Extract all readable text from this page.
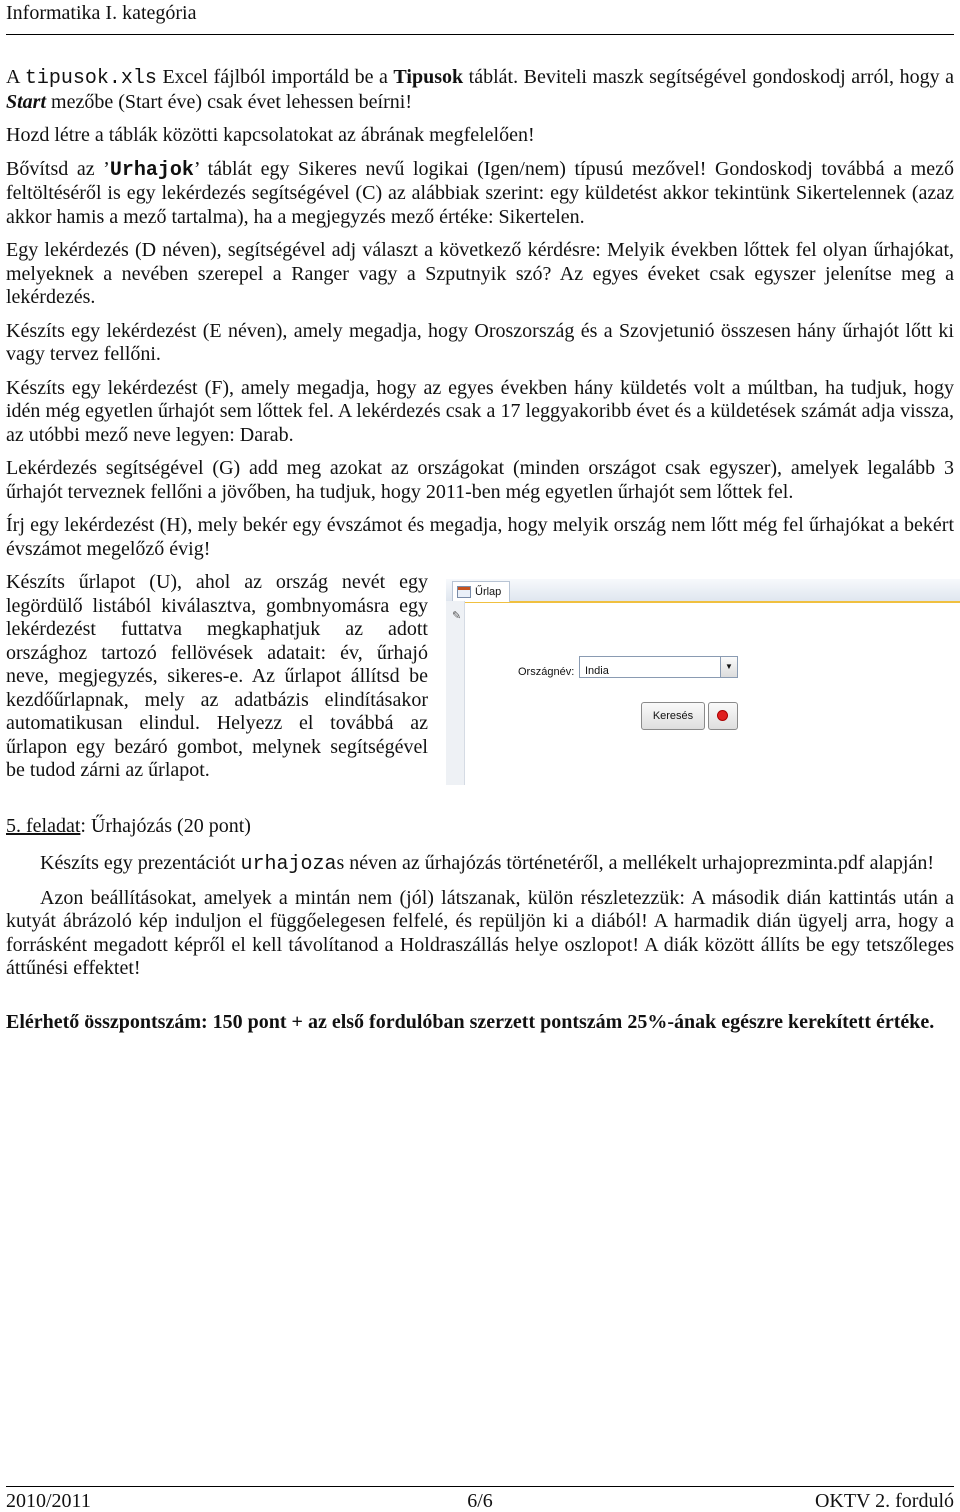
Informatika I. kategória

A tipusok.xls Excel fájlból importáld be a Tipusok táblát. Beviteli maszk segítségével gondoskodj arról, hogy a Start mezőbe (Start éve) csak évet lehessen beírni!

Hozd létre a táblák közötti kapcsolatokat az ábrának megfelelően!

Bővítsd az ’Urhajok’ táblát egy Sikeres nevű logikai (Igen/nem) típusú mezővel! Gondoskodj továbbá a mező feltöltéséről is egy lekérdezés segítségével (C) az alábbiak szerint: egy küldetést akkor tekintünk Sikertelennek (azaz akkor hamis a mező tartalma), ha a megjegyzés mező értéke: Sikertelen.

Egy lekérdezés (D néven), segítségével adj választ a következő kérdésre: Melyik években lőttek fel olyan űrhajókat, melyeknek a nevében szerepel a Ranger vagy a Szputnyik szó? Az egyes éveket csak egyszer jelenítse meg a lekérdezés.

Készíts egy lekérdezést (E néven), amely megadja, hogy Oroszország és a Szovjetunió összesen hány űrhajót lőtt ki vagy tervez fellőni.

Készíts egy lekérdezést (F), amely megadja, hogy az egyes években hány küldetés volt a múltban, ha tudjuk, hogy idén még egyetlen űrhajót sem lőttek fel. A lekérdezés csak a 17 leggyakoribb évet és a küldetések számát adja vissza, az utóbbi mező neve legyen: Darab.

Lekérdezés segítségével (G) add meg azokat az országokat (minden országot csak egyszer), amelyek legalább 3 űrhajót terveznek fellőni a jövőben, ha tudjuk, hogy 2011-ben még egyetlen űrhajót sem lőttek fel.

Írj egy lekérdezést (H), mely bekér egy évszámot és megadja, hogy melyik ország nem lőtt még fel űrhajókat a bekért évszámot megelőző évig!

Készíts űrlapot (U), ahol az ország nevét egy legördülő listából kiválasztva, gombnyomásra egy lekérdezést futtatva megkaphatjuk az adott országhoz tartozó fellövések adatait: év, űrhajó neve, megjegyzés, sikeres-e. Az űrlapot állítsd be kezdőűrlapnak, mely az adatbázis elindításakor automatikusan elindul. Helyezz el továbbá az űrlapon egy bezáró gombot, melynek segítségével be tudod zárni az űrlapot.

Űrlap
✎
Országnév: India	▼
Keresés

5. feladat: Űrhajózás (20 pont)

Készíts egy prezentációt urhajozas néven az űrhajózás történetéről, a mellékelt urhajoprezminta.pdf alapján!

Azon beállításokat, amelyek a mintán nem (jól) látszanak, külön részletezzük: A második dián kattintás után a kutyát ábrázoló kép induljon el függőelegesen felfelé, és repüljön ki a diából! A harmadik dián ügyelj arra, hogy a forrásként megadott képről el kell távolítanod a Holdraszállás helye oszlopot! A diák között állíts be egy tetszőleges áttűnési effektet!

Elérhető összpontszám: 150 pont + az első fordulóban szerzett pontszám 25%-ának egészre kerekített értéke.

2010/2011	6/6	OKTV 2. forduló
